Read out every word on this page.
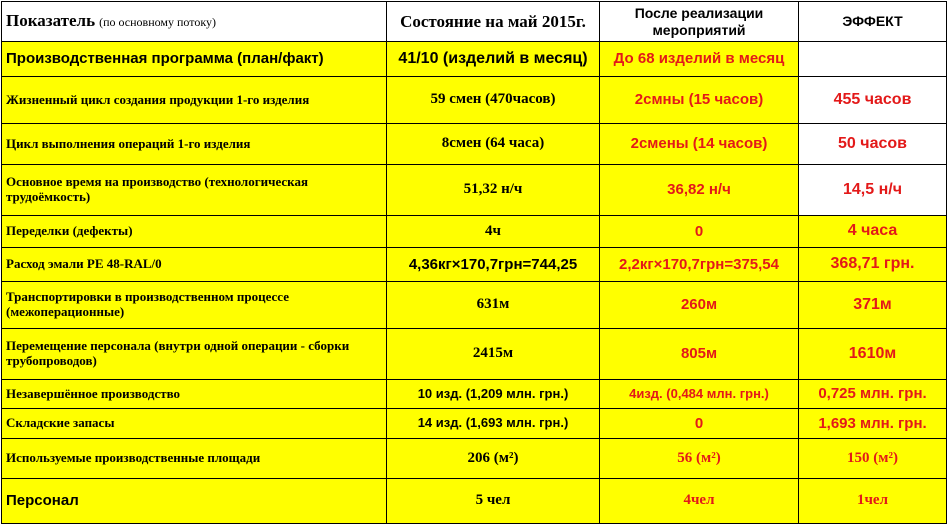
Показатель (по основному потоку)	Состояние на май 2015г.	После реализации мероприятий	ЭФФЕКТ
Производственная программа (план/факт)	41/10 (изделий в месяц)	До 68 изделий в месяц	
Жизненный цикл создания продукции 1-го изделия	59 смен (470часов)	2смны (15 часов)	455 часов
Цикл выполнения операций 1-го изделия	8смен (64 часа)	2смены (14 часов)	50 часов
Основное время на производство (технологическая трудоёмкость)	51,32 н/ч	36,82 н/ч	14,5 н/ч
Переделки (дефекты)	4ч	0	4 часа
Расход эмали PE 48-RAL/0	4,36кг×170,7грн=744,25	2,2кг×170,7грн=375,54	368,71 грн.
Транспортировки в производственном процессе (межоперационные)	631м	260м	371м
Перемещение персонала (внутри одной операции - сборки трубопроводов)	2415м	805м	1610м
Незавершённое производство	10 изд. (1,209 млн. грн.)	4изд. (0,484 млн. грн.)	0,725 млн. грн.
Складские запасы	14 изд. (1,693 млн. грн.)	0	1,693 млн. грн.
Используемые производственные площади	206 (м²)	56 (м²)	150 (м²)
Персонал	5 чел	4чел	1чел
